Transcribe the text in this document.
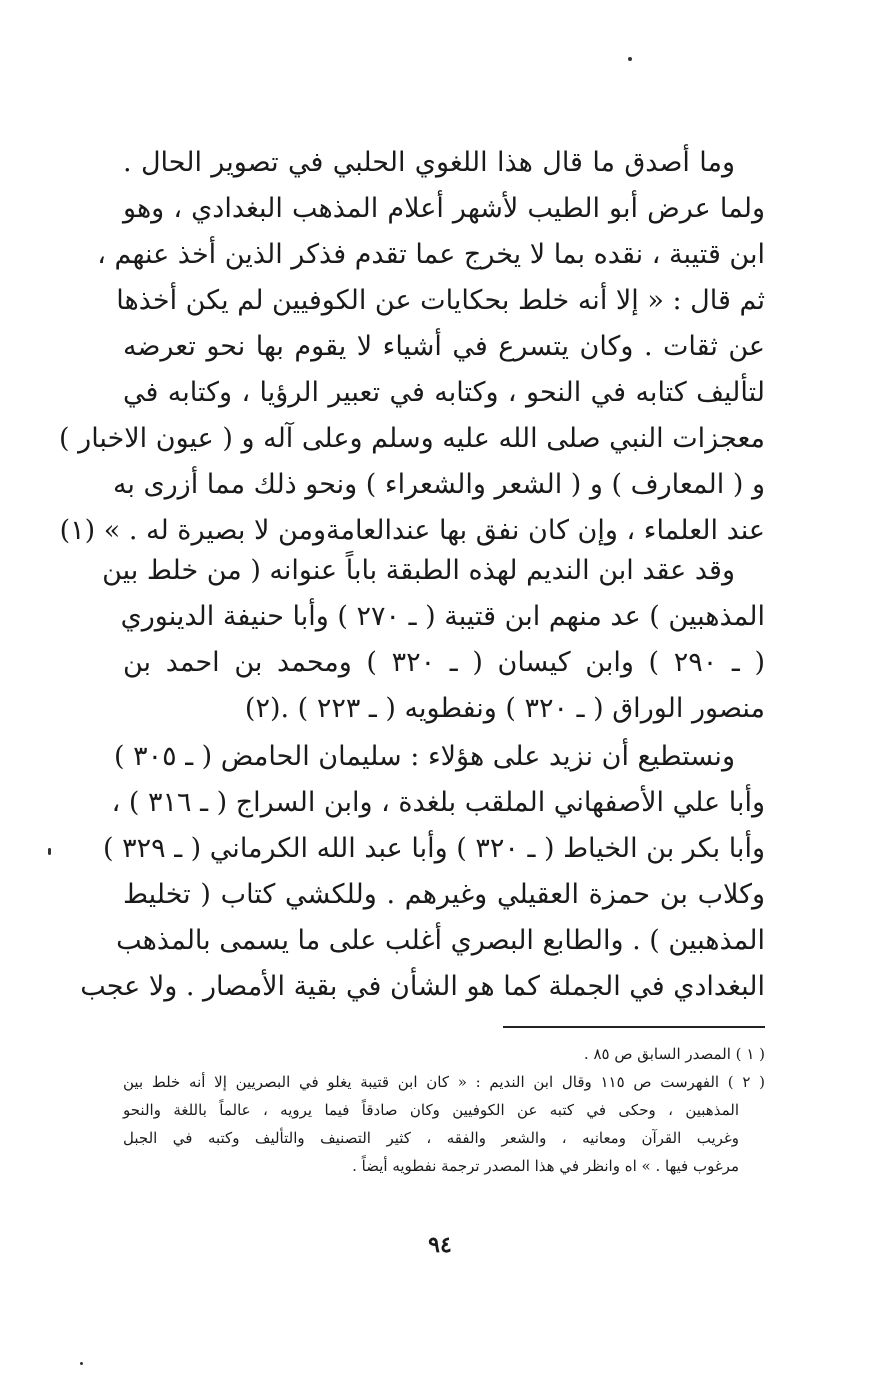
وما أصدق ما قال هذا اللغوي الحلبي في تصوير الحال .
ولما عرض أبو الطيب لأشهر أعلام المذهب البغدادي ، وهو
ابن قتيبة ، نقده بما لا يخرج عما تقدم فذكر الذين أخذ عنهم ،
ثم قال : « إلا أنه خلط بحكايات عن الكوفيين لم يكن أخذها
عن ثقات . وكان يتسرع في أشياء لا يقوم بها نحو تعرضه
لتأليف كتابه في النحو ، وكتابه في تعبير الرؤيا ، وكتابه في
معجزات النبي صلى الله عليه وسلم وعلى آله و ( عيون الاخبار )
و ( المعارف ) و ( الشعر والشعراء ) ونحو ذلك مما أزرى به
عند العلماء ، وإن كان نفق بها عندالعامةومن لا بصيرة له . » (١)
وقد عقد ابن النديم لهذه الطبقة باباً عنوانه ( من خلط بين
المذهبين ) عد منهم ابن قتيبة ( ـ ٢٧٠ ) وأبا حنيفة الدينوري
( ـ ٢٩٠ ) وابن كيسان ( ـ ٣٢٠ ) ومحمد بن احمد بن
منصور الوراق ( ـ ٣٢٠ ) ونفطويه ( ـ ٢٢٣ ) .(٢)
ونستطيع أن نزيد على هؤلاء : سليمان الحامض ( ـ ٣٠٥ )
وأبا علي الأصفهاني الملقب بلغدة ، وابن السراج ( ـ ٣١٦ ) ،
وأبا بكر بن الخياط ( ـ ٣٢٠ ) وأبا عبد الله الكرماني ( ـ ٣٢٩ )
وكلاب بن حمزة العقيلي وغيرهم . وللكشي كتاب ( تخليط
المذهبين ) . والطابع البصري أغلب على ما يسمى بالمذهب
البغدادي في الجملة كما هو الشأن في بقية الأمصار . ولا عجب
( ١ ) المصدر السابق ص ٨٥ .
( ٢ ) الفهرست ص ١١٥ وقال ابن النديم : « كان ابن قتيبة يغلو في البصريين إلا أنه خلط بين
المذهبين ، وحكى في كتبه عن الكوفيين وكان صادقاً فيما يرويه ، عالماً باللغة والنحو
وغريب القرآن ومعانيه ، والشعر والفقه ، كثير التصنيف والتأليف وكتبه في الجبل
مرغوب فيها . » اه وانظر في هذا المصدر ترجمة نفطويه أيضاً .
٩٤
